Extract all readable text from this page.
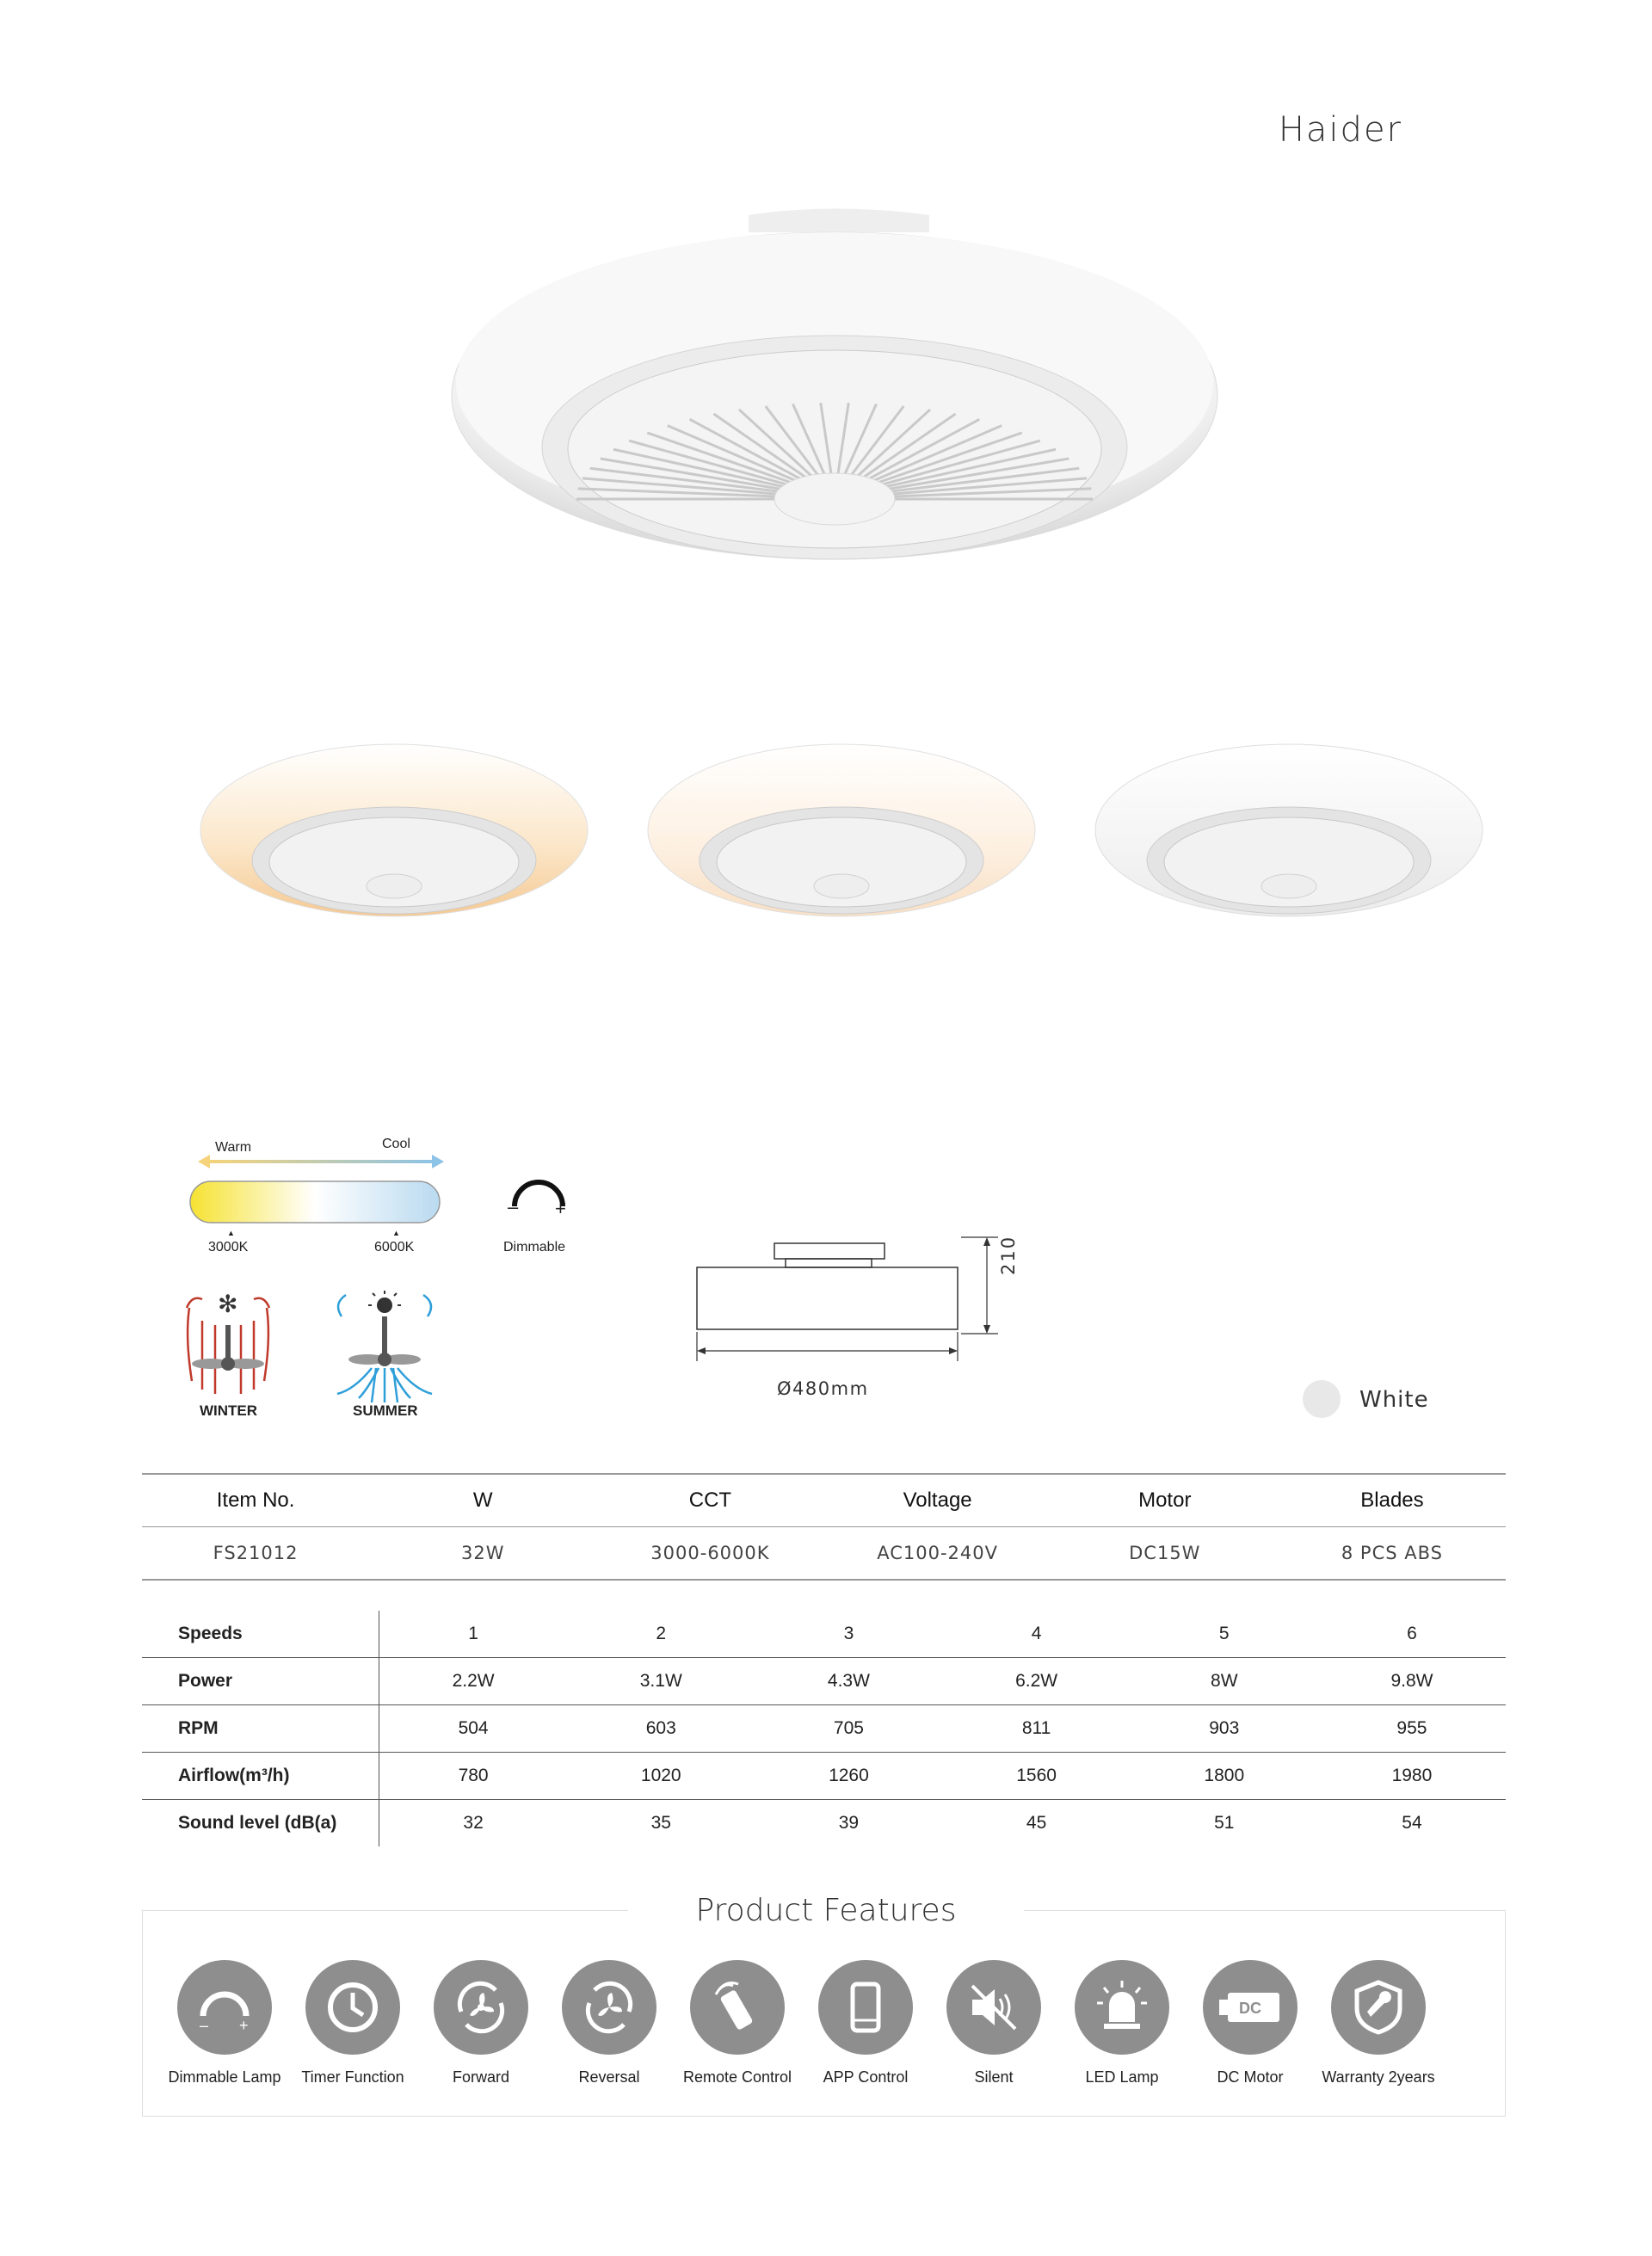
Haider
Warm	Cool
▲	▲
3000K	6000K
– +
Dimmable
✻
WINTER	SUMMER
210
Ø480mm	White
Item No.	W	CCT	Voltage	Motor	Blades
FS21012	32W	3000-6000K	AC100-240V	DC15W	8 PCS ABS
Speeds	1	2	3	4	5	6
Power	2.2W	3.1W	4.3W	6.2W	8W	9.8W
RPM	504	603	705	811	903	955
Airflow(m³/h)	780	1020	1260	1560	1800	1980
Sound level (dB(a)	32	35	39	45	51	54
Product Features
– +
Dimmable Lamp	Timer Function	Forward	Reversal	Remote Control	APP Control	Silent	LED Lamp
DC
DC Motor	Warranty 2years
